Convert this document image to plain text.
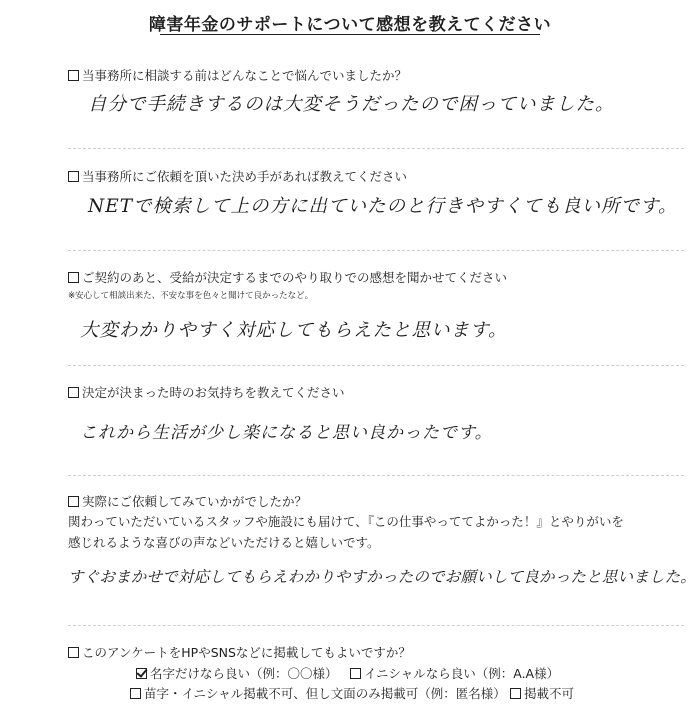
障害年金のサポートについて感想を教えてください
当事務所に相談する前はどんなことで悩んでいましたか？
自分で手続きするのは大変そうだったので困っていました。
当事務所にご依頼を頂いた決め手があれば教えてください
NETで検索して上の方に出ていたのと行きやすくても良い所です。
ご契約のあと、受給が決定するまでのやり取りでの感想を聞かせてください
※安心して相談出来た、不安な事を色々と聞けて良かったなど。
大変わかりやすく対応してもらえたと思います。
決定が決まった時のお気持ちを教えてください
これから生活が少し楽になると思い良かったです。
実際にご依頼してみていかがでしたか？
関わっていただいているスタッフや施設にも届けて、『この仕事やっててよかった！』とやりがいを
感じれるような喜びの声などいただけると嬉しいです。
すぐおまかせで対応してもらえわかりやすかったのでお願いして良かったと思いました。
このアンケートをHPやSNSなどに掲載してもよいですか？
名字だけなら良い（例：〇〇様）	イニシャルなら良い（例：A.A様）
苗字・イニシャル掲載不可、但し文面のみ掲載可（例：匿名様）	掲載不可
